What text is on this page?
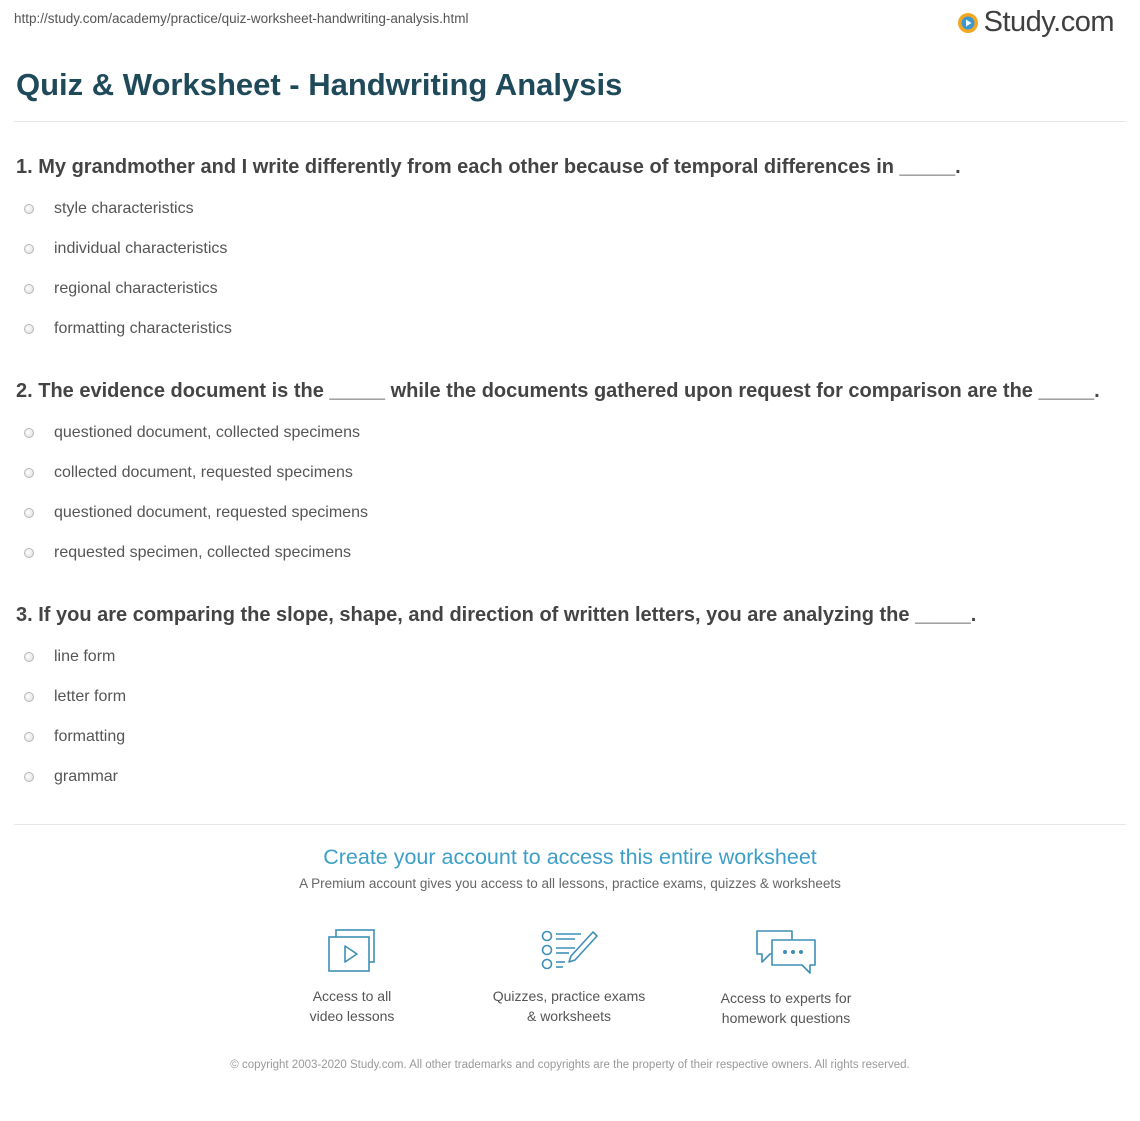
http://study.com/academy/practice/quiz-worksheet-handwriting-analysis.html	Study.com
Quiz & Worksheet - Handwriting Analysis

1. My grandmother and I write differently from each other because of temporal differences in _____.

style characteristics
individual characteristics
regional characteristics
formatting characteristics

2. The evidence document is the _____ while the documents gathered upon request for comparison are the _____.

questioned document, collected specimens
collected document, requested specimens
questioned document, requested specimens
requested specimen, collected specimens

3. If you are comparing the slope, shape, and direction of written letters, you are analyzing the _____.

line form
letter form
formatting
grammar
Create your account to access this entire worksheet

A Premium account gives you access to all lessons, practice exams, quizzes & worksheets

Access to all
video lessons
Quizzes, practice exams
& worksheets
Access to experts for
homework questions
© copyright 2003-2020 Study.com. All other trademarks and copyrights are the property of their respective owners. All rights reserved.
